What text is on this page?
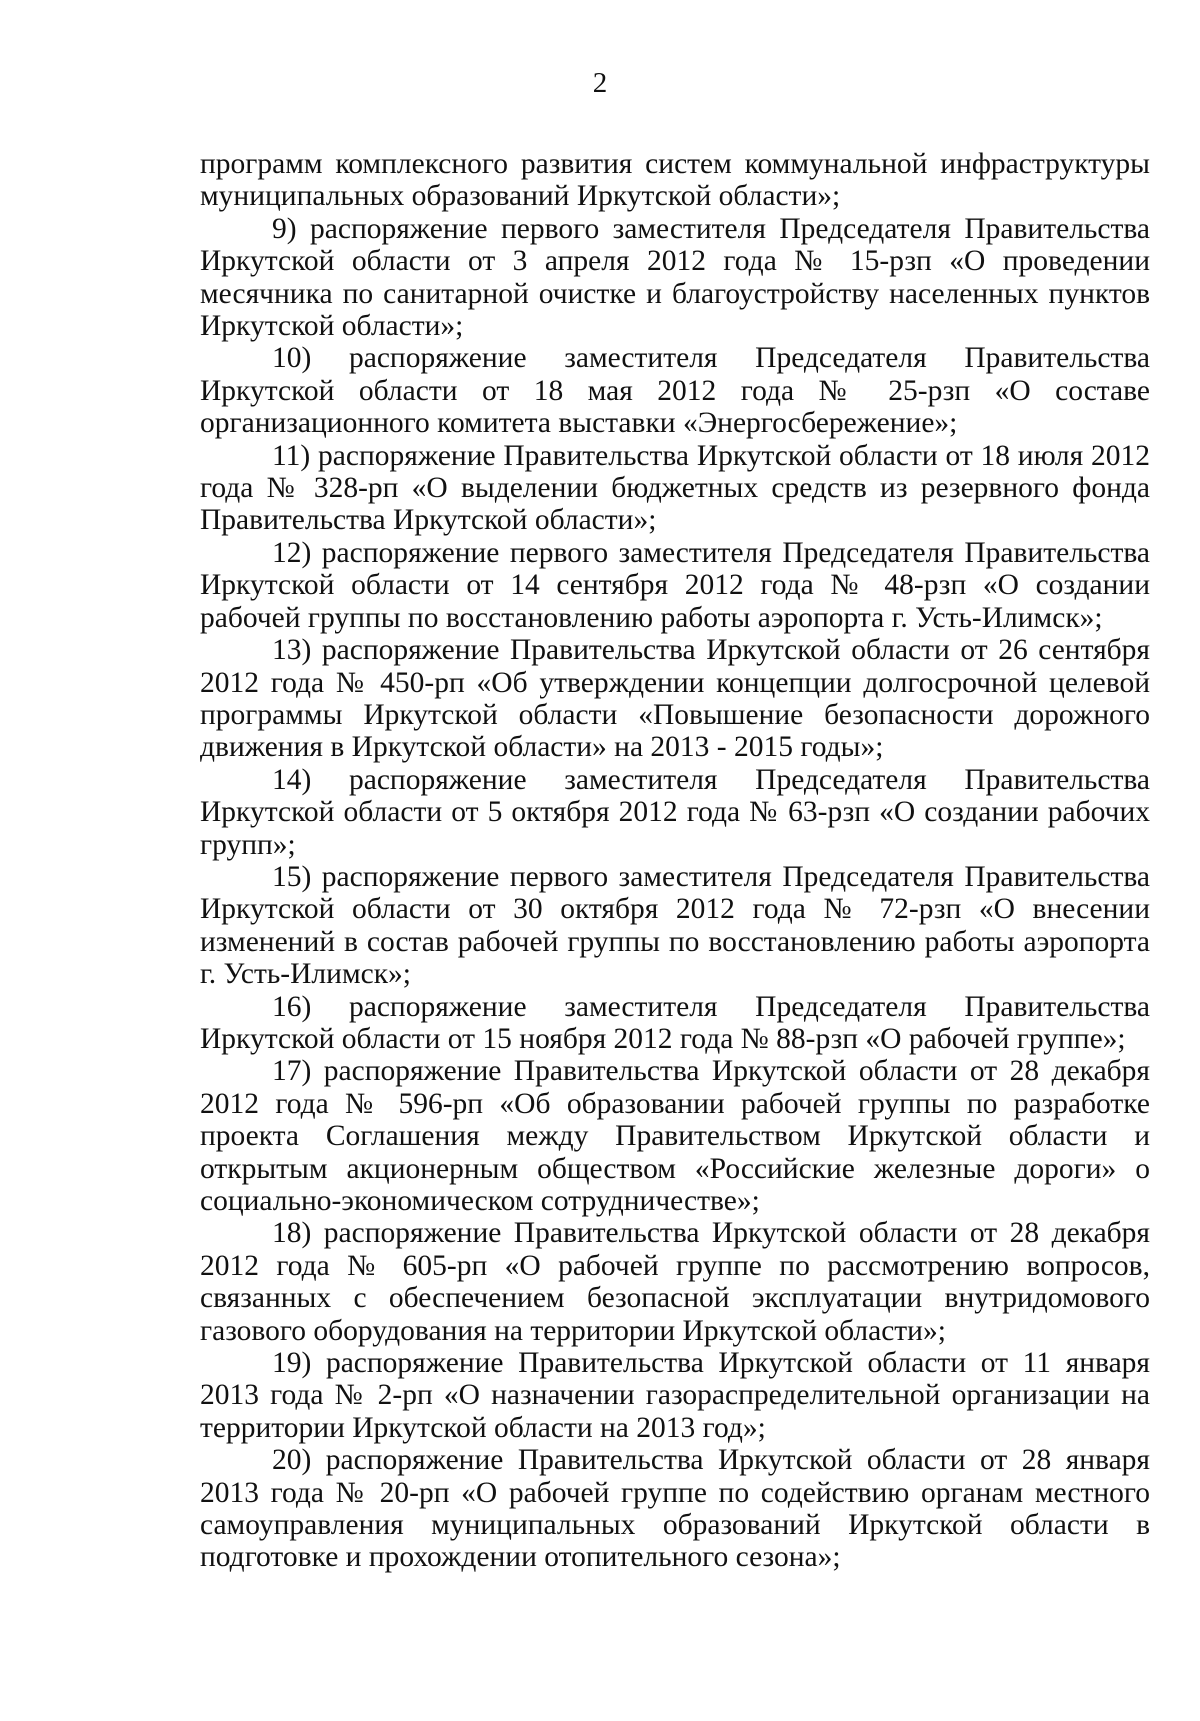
2

программ комплексного развития систем коммунальной инфраструктуры муниципальных образований Иркутской области»;

9) распоряжение первого заместителя Председателя Правительства Иркутской области от 3 апреля 2012 года № 15-рзп «О проведении месячника по санитарной очистке и благоустройству населенных пунктов Иркутской области»;

10) распоряжение заместителя Председателя Правительства Иркутской области от 18 мая 2012 года № 25-рзп «О составе организационного комитета выставки «Энергосбережение»;

11) распоряжение Правительства Иркутской области от 18 июля 2012 года № 328-рп «О выделении бюджетных средств из резервного фонда Правительства Иркутской области»;

12) распоряжение первого заместителя Председателя Правительства Иркутской области от 14 сентября 2012 года № 48-рзп «О создании рабочей группы по восстановлению работы аэропорта г. Усть-Илимск»;

13) распоряжение Правительства Иркутской области от 26 сентября 2012 года № 450-рп «Об утверждении концепции долгосрочной целевой программы Иркутской области «Повышение безопасности дорожного движения в Иркутской области» на 2013 - 2015 годы»;

14) распоряжение заместителя Председателя Правительства Иркутской области от 5 октября 2012 года № 63-рзп «О создании рабочих групп»;

15) распоряжение первого заместителя Председателя Правительства Иркутской области от 30 октября 2012 года № 72-рзп «О внесении изменений в состав рабочей группы по восстановлению работы аэропорта г. Усть-Илимск»;

16) распоряжение заместителя Председателя Правительства Иркутской области от 15 ноября 2012 года № 88-рзп «О рабочей группе»;

17) распоряжение Правительства Иркутской области от 28 декабря 2012 года № 596-рп «Об образовании рабочей группы по разработке проекта Соглашения между Правительством Иркутской области и открытым акционерным обществом «Российские железные дороги» о социально-экономическом сотрудничестве»;

18) распоряжение Правительства Иркутской области от 28 декабря 2012 года № 605-рп «О рабочей группе по рассмотрению вопросов, связанных с обеспечением безопасной эксплуатации внутридомового газового оборудования на территории Иркутской области»;

19) распоряжение Правительства Иркутской области от 11 января 2013 года № 2-рп «О назначении газораспределительной организации на территории Иркутской области на 2013 год»;

20) распоряжение Правительства Иркутской области от 28 января 2013 года № 20-рп «О рабочей группе по содействию органам местного самоуправления муниципальных образований Иркутской области в подготовке и прохождении отопительного сезона»;
